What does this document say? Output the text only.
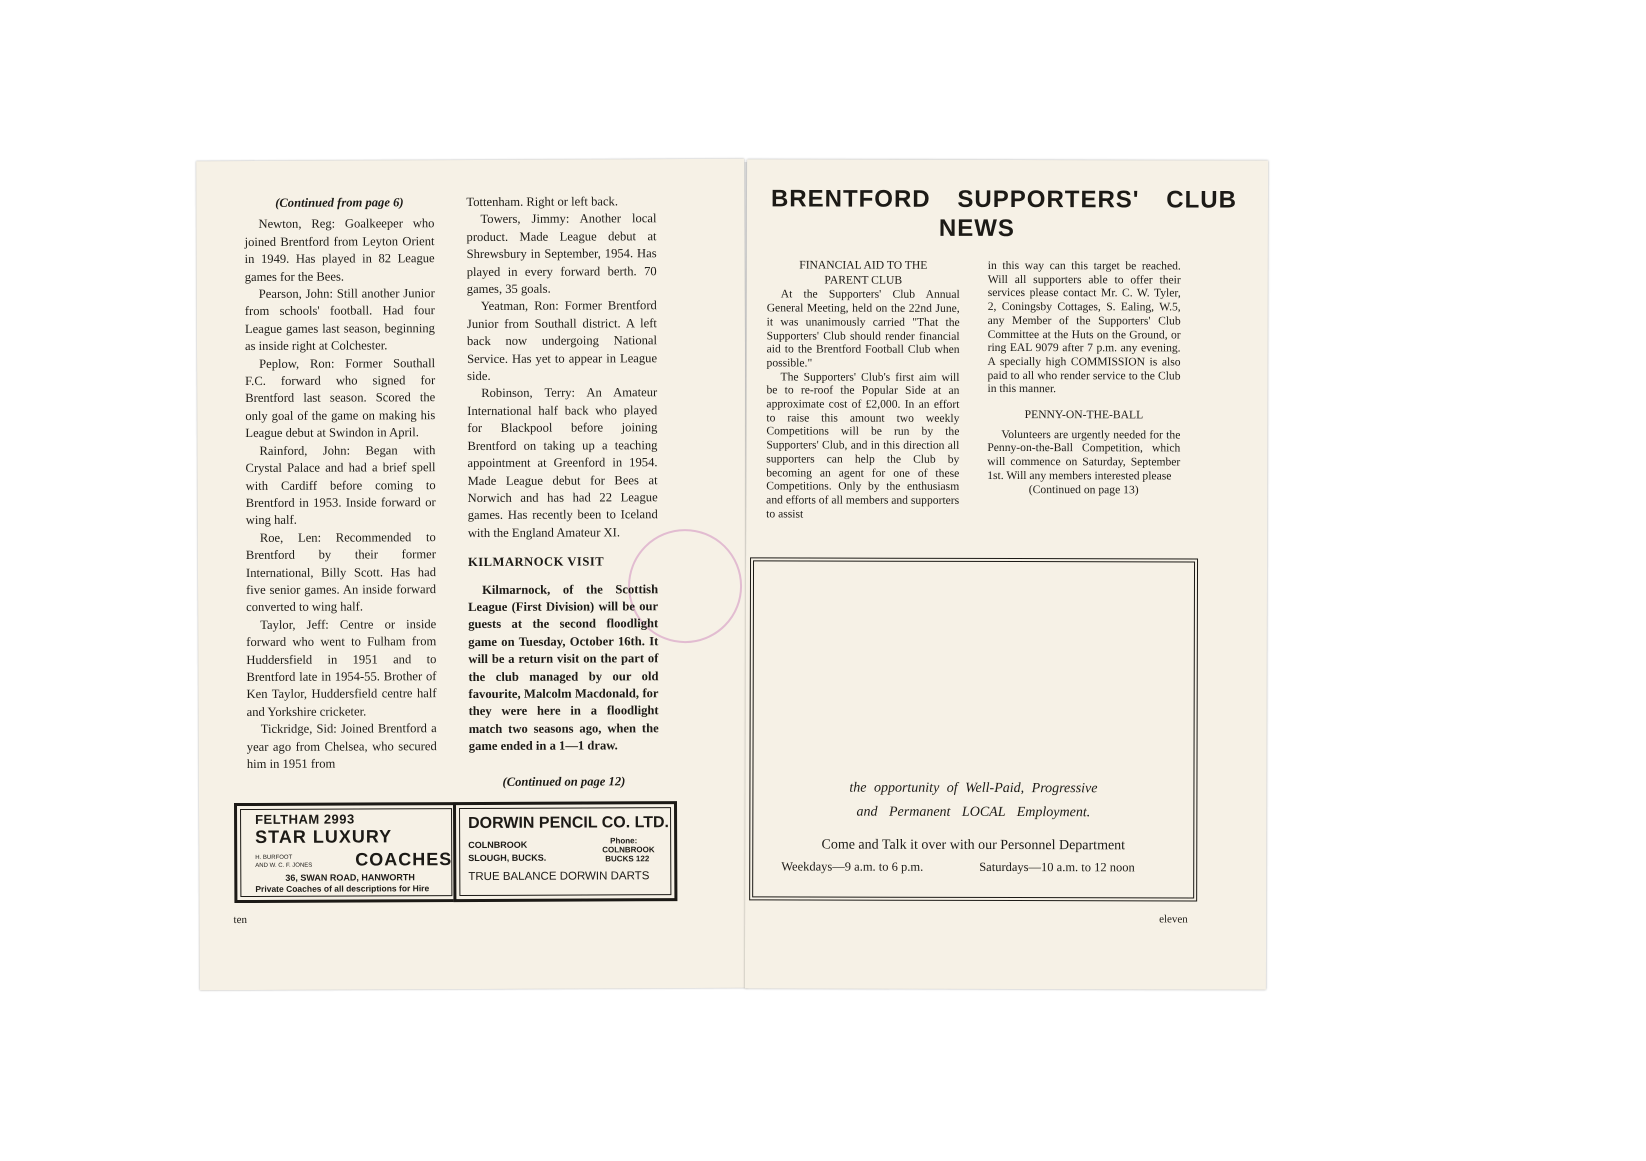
(Continued from page 6)

Newton, Reg: Goalkeeper who joined Brentford from Leyton Orient in 1949. Has played in 82 League games for the Bees.

Pearson, John: Still another Junior from schools' football. Had four League games last season, beginning as inside right at Colchester.

Peplow, Ron: Former Southall F.C. forward who signed for Brentford last season. Scored the only goal of the game on making his League debut at Swindon in April.

Rainford, John: Began with Crystal Palace and had a brief spell with Cardiff before coming to Brentford in 1953. Inside forward or wing half.

Roe, Len: Recommended to Brentford by their former International, Billy Scott. Has had five senior games. An inside forward converted to wing half.

Taylor, Jeff: Centre or inside forward who went to Fulham from Huddersfield in 1951 and to Brentford late in 1954-55. Brother of Ken Taylor, Huddersfield centre half and Yorkshire cricketer.

Tickridge, Sid: Joined Brentford a year ago from Chelsea, who secured him in 1951 from

Tottenham. Right or left back.

Towers, Jimmy: Another local product. Made League debut at Shrewsbury in September, 1954. Has played in every forward berth. 70 games, 35 goals.

Yeatman, Ron: Former Brentford Junior from Southall district. A left back now undergoing National Service. Has yet to appear in League side.

Robinson, Terry: An Amateur International half back who played for Blackpool before joining Brentford on taking up a teaching appointment at Greenford in 1954. Made League debut for Bees at Norwich and has had 22 League games. Has recently been to Iceland with the England Amateur XI.

KILMARNOCK VISIT

Kilmarnock, of the Scottish League (First Division) will be our guests at the second floodlight game on Tuesday, October 16th. It will be a return visit on the part of the club managed by our old favourite, Malcolm Macdonald, for they were here in a floodlight match two seasons ago, when the game ended in a 1—1 draw.

(Continued on page 12)

FELTHAM 2993
STAR LUXURY
H. BURFOOT
AND W. C. F. JONES COACHES
36, SWAN ROAD, HANWORTH
Private Coaches of all descriptions for Hire
DORWIN PENCIL CO. LTD.
COLNBROOK
SLOUGH, BUCKS.
Phone:
COLNBROOK
BUCKS 122
TRUE BALANCE DORWIN DARTS
ten
BRENTFORD SUPPORTERS' CLUB
NEWS

FINANCIAL AID TO THE

PARENT CLUB

At the Supporters' Club Annual General Meeting, held on the 22nd June, it was unanimously carried "That the Supporters' Club should render financial aid to the Brentford Football Club when possible."

The Supporters' Club's first aim will be to re-roof the Popular Side at an approximate cost of £2,000. In an effort to raise this amount two weekly Competitions will be run by the Supporters' Club, and in this direction all supporters can help the Club by becoming an agent for one of these Competitions. Only by the enthusiasm and efforts of all members and supporters to assist

in this way can this target be reached. Will all supporters able to offer their services please contact Mr. C. W. Tyler, 2, Coningsby Cottages, S. Ealing, W.5, any Member of the Supporters' Club Committee at the Huts on the Ground, or ring EAL 9079 after 7 p.m. any evening. A specially high COMMISSION is also paid to all who render service to the Club in this manner.

PENNY-ON-THE-BALL

Volunteers are urgently needed for the Penny-on-the-Ball Competition, which will commence on Saturday, September 1st. Will any members interested please

(Continued on page 13)

the opportunity of Well-Paid, Progressive
and Permanent LOCAL Employment.
Come and Talk it over with our Personnel Department
Weekdays—9 a.m. to 6 p.m.	Saturdays—10 a.m. to 12 noon
eleven
